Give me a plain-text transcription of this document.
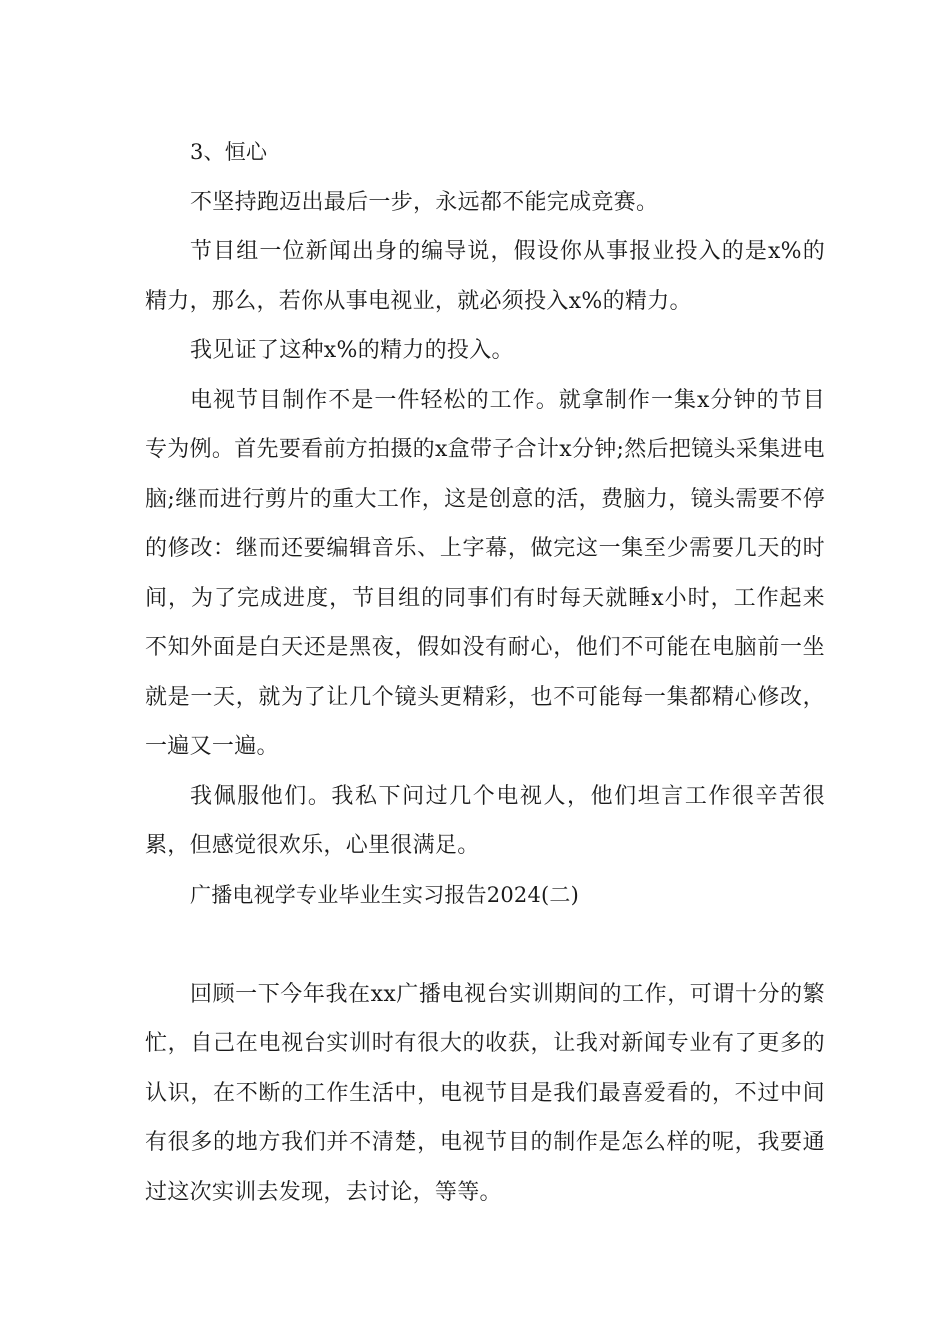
3、恒心

不坚持跑迈出最后一步，永远都不能完成竞赛。

节目组一位新闻出身的编导说，假设你从事报业投入的是x%的精力，那么，若你从事电视业，就必须投入x%的精力。

我见证了这种x%的精力的投入。

电视节目制作不是一件轻松的工作。就拿制作一集x分钟的节目专为例。首先要看前方拍摄的x盒带子合计x分钟;然后把镜头采集进电脑;继而进行剪片的重大工作，这是创意的活，费脑力，镜头需要不停的修改：继而还要编辑音乐、上字幕，做完这一集至少需要几天的时间，为了完成进度，节目组的同事们有时每天就睡x小时，工作起来不知外面是白天还是黑夜，假如没有耐心，他们不可能在电脑前一坐就是一天，就为了让几个镜头更精彩，也不可能每一集都精心修改，一遍又一遍。

我佩服他们。我私下问过几个电视人，他们坦言工作很辛苦很累，但感觉很欢乐，心里很满足。

广播电视学专业毕业生实习报告2024(二)

回顾一下今年我在xx广播电视台实训期间的工作，可谓十分的繁忙，自己在电视台实训时有很大的收获，让我对新闻专业有了更多的认识，在不断的工作生活中，电视节目是我们最喜爱看的，不过中间有很多的地方我们并不清楚，电视节目的制作是怎么样的呢，我要通过这次实训去发现，去讨论，等等。
